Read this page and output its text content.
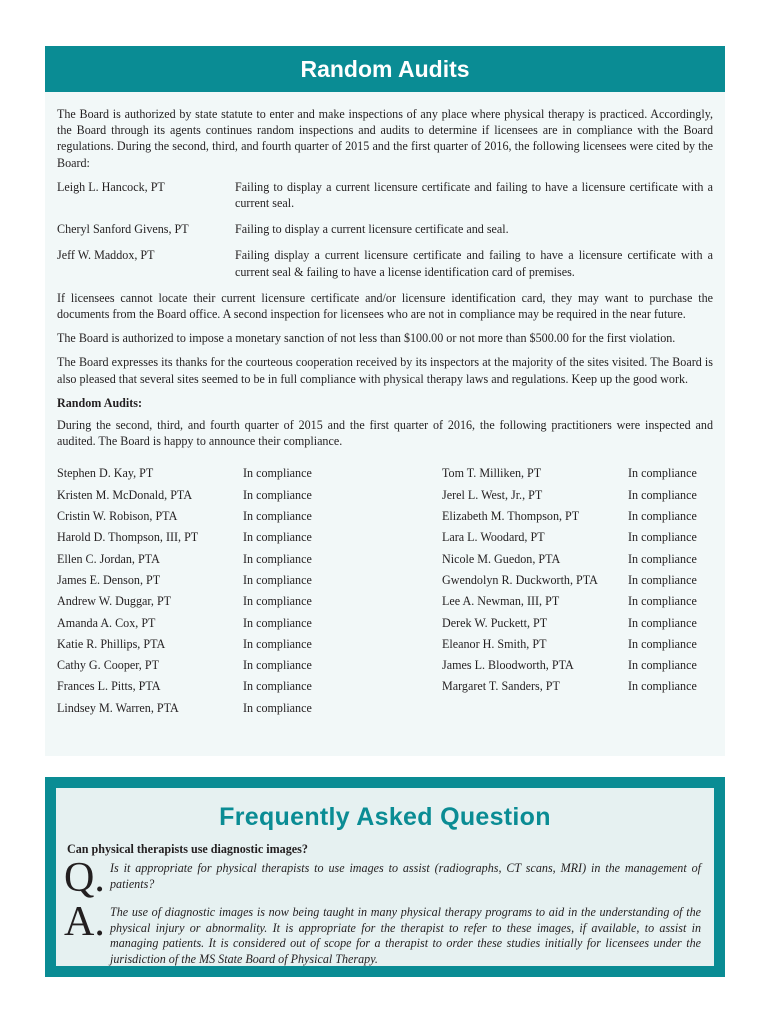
Random Audits

The Board is authorized by state statute to enter and make inspections of any place where physical therapy is practiced. Accordingly, the Board through its agents continues random inspections and audits to determine if licensees are in compliance with the Board regulations. During the second, third, and fourth quarter of 2015 and the first quarter of 2016, the following licensees were cited by the Board:

Leigh L. Hancock, PT	Failing to display a current licensure certificate and failing to have a licensure certificate with a current seal.
Cheryl Sanford Givens, PT	Failing to display a current licensure certificate and seal.
Jeff W. Maddox, PT	Failing display a current licensure certificate and failing to have a licensure certificate with a current seal & failing to have a license identification card of premises.

If licensees cannot locate their current licensure certificate and/or licensure identification card, they may want to purchase the documents from the Board office. A second inspection for licensees who are not in compliance may be required in the near future.

The Board is authorized to impose a monetary sanction of not less than $100.00 or not more than $500.00 for the first violation.

The Board expresses its thanks for the courteous cooperation received by its inspectors at the majority of the sites visited. The Board is also pleased that several sites seemed to be in full compliance with physical therapy laws and regulations. Keep up the good work.

Random Audits:

During the second, third, and fourth quarter of 2015 and the first quarter of 2016, the following practitioners were inspected and audited. The Board is happy to announce their compliance.

Stephen D. Kay, PT	In compliance	Tom T. Milliken, PT	In compliance
Kristen M. McDonald, PTA	In compliance	Jerel L. West, Jr., PT	In compliance
Cristin W. Robison, PTA	In compliance	Elizabeth M. Thompson, PT	In compliance
Harold D. Thompson, III, PT	In compliance	Lara L. Woodard, PT	In compliance
Ellen C. Jordan, PTA	In compliance	Nicole M. Guedon, PTA	In compliance
James E. Denson, PT	In compliance	Gwendolyn R. Duckworth, PTA	In compliance
Andrew W. Duggar, PT	In compliance	Lee A. Newman, III, PT	In compliance
Amanda A. Cox, PT	In compliance	Derek W. Puckett, PT	In compliance
Katie R. Phillips, PTA	In compliance	Eleanor H. Smith, PT	In compliance
Cathy G. Cooper, PT	In compliance	James L. Bloodworth, PTA	In compliance
Frances L. Pitts, PTA	In compliance	Margaret T. Sanders, PT	In compliance
Lindsey M. Warren, PTA	In compliance
Frequently Asked Question
Can physical therapists use diagnostic images?
Q. Is it appropriate for physical therapists to use images to assist (radiographs, CT scans, MRI) in the management of patients?
A. The use of diagnostic images is now being taught in many physical therapy programs to aid in the understanding of the physical injury or abnormality. It is appropriate for the therapist to refer to these images, if available, to assist in managing patients. It is considered out of scope for a therapist to order these studies initially for licensees under the jurisdiction of the MS State Board of Physical Therapy.
